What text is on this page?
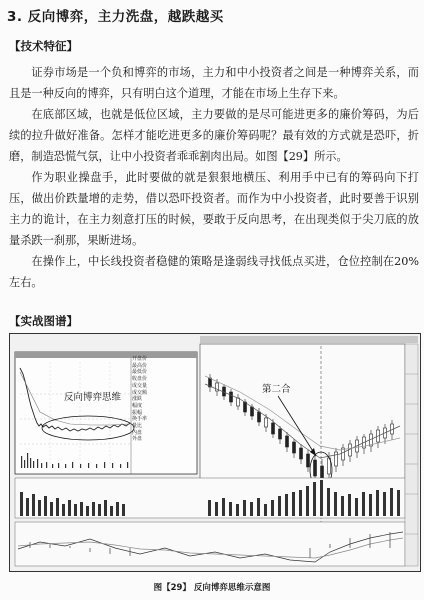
3. 反向博弈，主力洗盘，越跌越买
【技术特征】

证券市场是一个负和博弈的市场，主力和中小投资者之间是一种博弈关系，而且是一种反向的博弈，只有明白这个道理，才能在市场上生存下来。

在底部区域，也就是低位区域，主力要做的是尽可能进更多的廉价筹码，为后续的拉升做好准备。怎样才能吃进更多的廉价筹码呢？最有效的方式就是恐吓，折磨，制造恐慌气氛，让中小投资者乖乖割肉出局。如图【29】所示。

作为职业操盘手，此时要做的就是狠狠地横压、利用手中已有的筹码向下打压，做出价跌量增的走势，借以恐吓投资者。而作为中小投资者，此时要善于识别主力的诡计，在主力刻意打压的时候，要敢于反向思考，在出现类似于尖刀底的放量杀跌一刹那，果断进场。

在操作上，中长线投资者稳健的策略是逢弱线寻找低点买进，仓位控制在20%左右。

【实战图谱】
开盘价
最高价
最低价
收盘价
成交量
成交额
涨跌
幅度
振幅
换手率
量比
内盘
外盘
反向博弈思维
第二合
图【29】 反向博弈思维示意图
